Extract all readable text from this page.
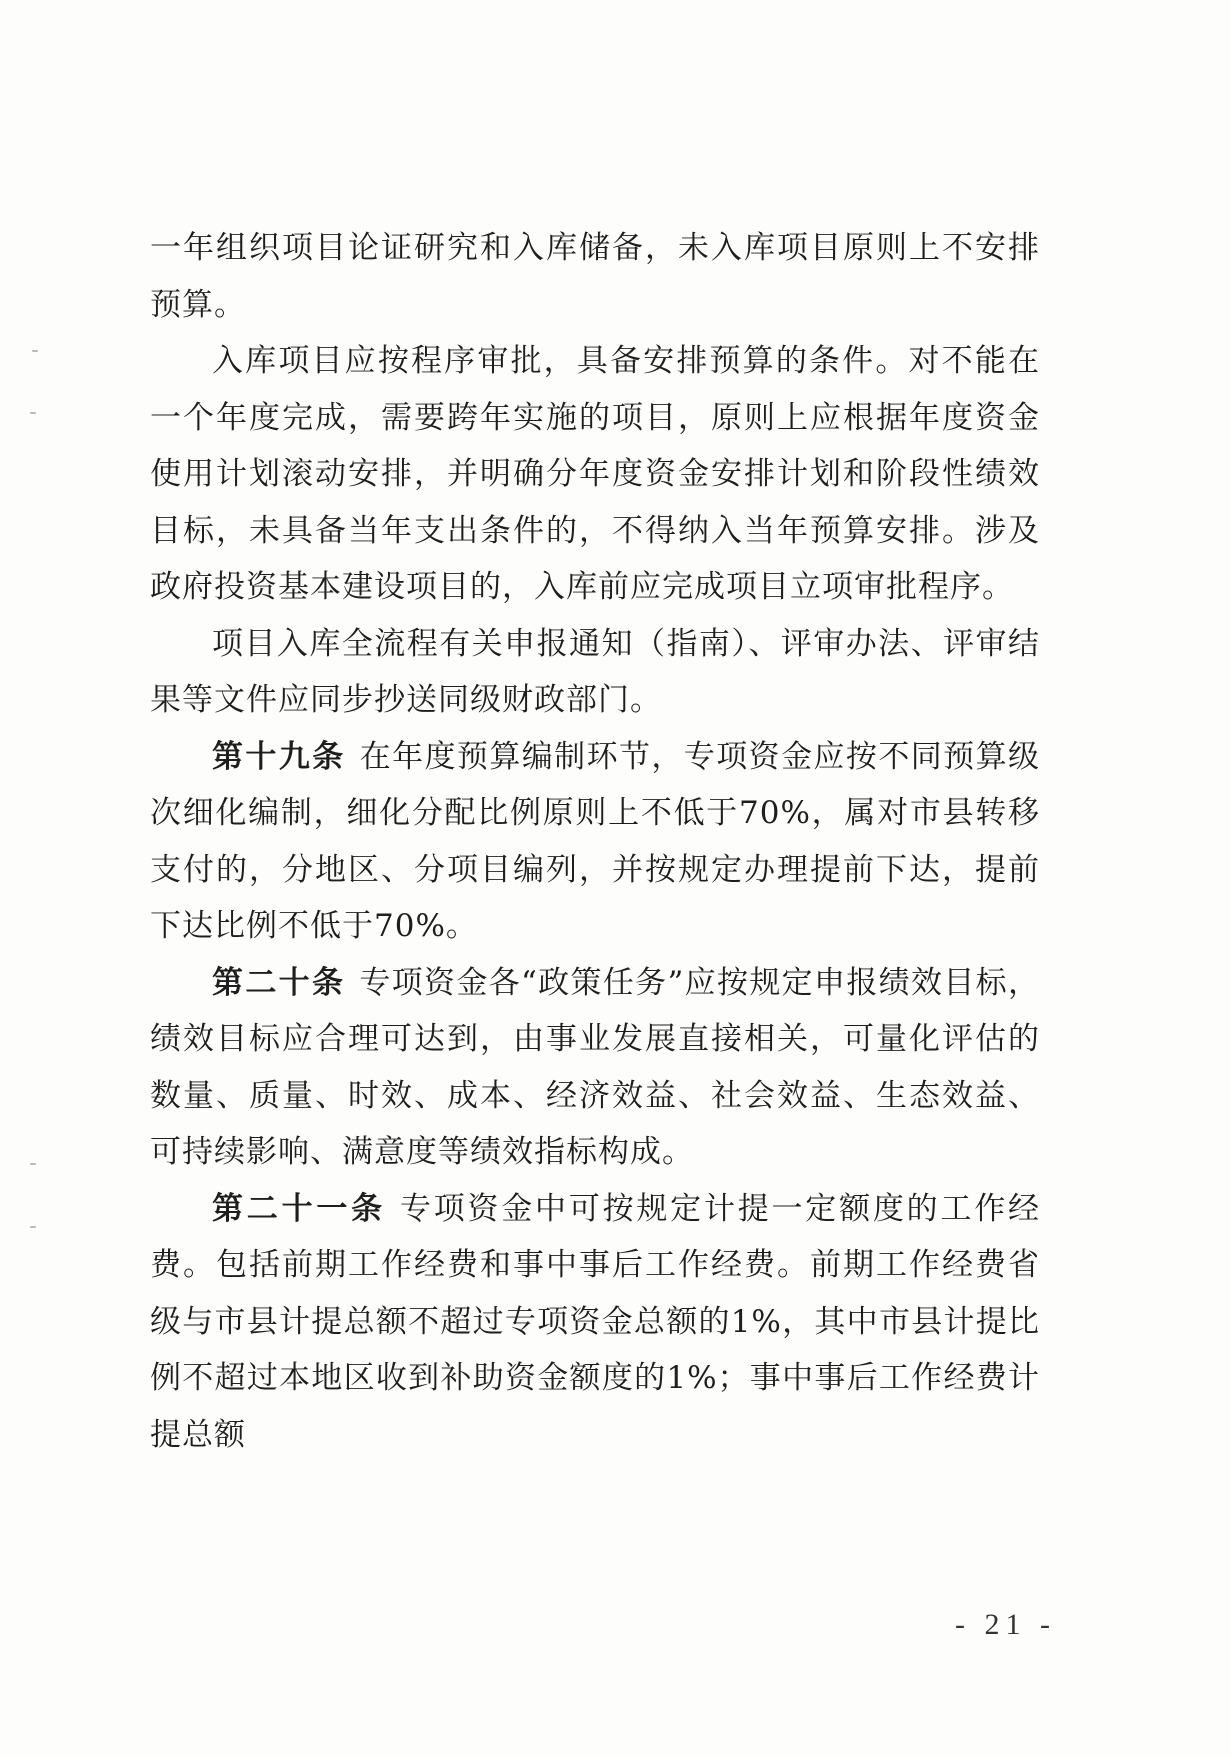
一年组织项目论证研究和入库储备，未入库项目原则上不安排预算。

入库项目应按程序审批，具备安排预算的条件。对不能在一个年度完成，需要跨年实施的项目，原则上应根据年度资金使用计划滚动安排，并明确分年度资金安排计划和阶段性绩效目标，未具备当年支出条件的，不得纳入当年预算安排。涉及政府投资基本建设项目的，入库前应完成项目立项审批程序。

项目入库全流程有关申报通知（指南）、评审办法、评审结果等文件应同步抄送同级财政部门。

第十九条 在年度预算编制环节，专项资金应按不同预算级次细化编制，细化分配比例原则上不低于70%，属对市县转移支付的，分地区、分项目编列，并按规定办理提前下达，提前下达比例不低于70%。

第二十条 专项资金各“政策任务”应按规定申报绩效目标，绩效目标应合理可达到，由事业发展直接相关，可量化评估的数量、质量、时效、成本、经济效益、社会效益、生态效益、可持续影响、满意度等绩效指标构成。

第二十一条 专项资金中可按规定计提一定额度的工作经费。包括前期工作经费和事中事后工作经费。前期工作经费省级与市县计提总额不超过专项资金总额的1%，其中市县计提比例不超过本地区收到补助资金额度的1%；事中事后工作经费计提总额

- 21 -
